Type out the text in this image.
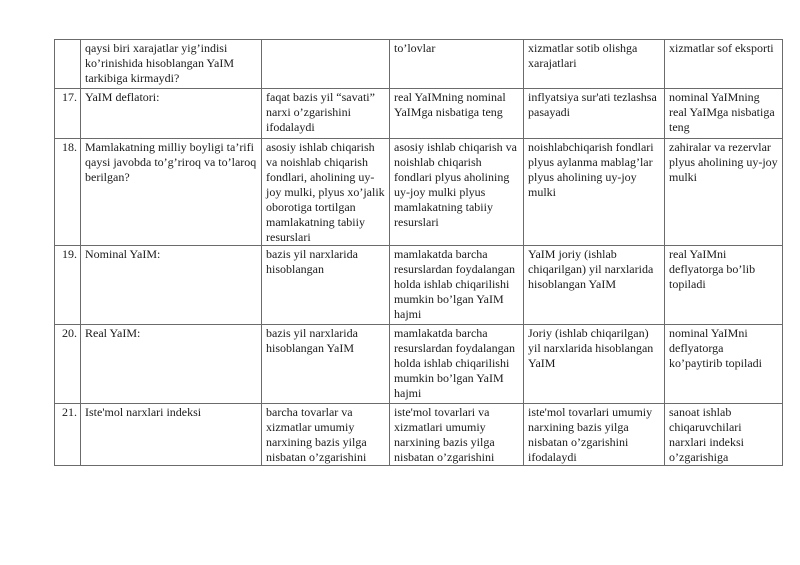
	qaysi biri xarajatlar yig’indisi ko’rinishida hisoblangan YaIM tarkibiga kirmaydi?		to’lovlar	xizmatlar sotib olishga xarajatlari	xizmatlar sof eksporti
17.	YaIM deflatori:	faqat bazis yil “savati” narxi o’zgarishini ifodalaydi	real YaIMning nominal YaIMga nisbatiga teng	inflyatsiya sur'ati tezlashsa pasayadi	nominal YaIMning real YaIMga nisbatiga teng
18.	Mamlakatning milliy boyligi ta’rifi qaysi javobda to’g’riroq va to’laroq berilgan?	asosiy ishlab chiqarish va noishlab chiqarish fondlari, aholining uy-joy mulki, plyus xo’jalik oborotiga tortilgan mamlakatning tabiiy resurslari	asosiy ishlab chiqarish va noishlab chiqarish fondlari plyus aholining uy-joy mulki plyus mamlakatning tabiiy resurslari	noishlabchiqarish fondlari plyus aylanma mablag’lar plyus aholining uy-joy mulki	zahiralar va rezervlar plyus aholining uy-joy mulki
19.	Nominal YaIM:	bazis yil narxlarida hisoblangan	mamlakatda barcha resurslardan foydalangan holda ishlab chiqarilishi mumkin bo’lgan YaIM hajmi	YaIM joriy (ishlab chiqarilgan) yil narxlarida hisoblangan YaIM	real YaIMni deflyatorga bo’lib topiladi
20.	Real YaIM:	bazis yil narxlarida hisoblangan YaIM	mamlakatda barcha resurslardan foydalangan holda ishlab chiqarilishi mumkin bo’lgan YaIM hajmi	Joriy (ishlab chiqarilgan) yil narxlarida hisoblangan YaIM	nominal YaIMni deflyatorga ko’paytirib topiladi
21.	Iste'mol narxlari indeksi	barcha tovarlar va xizmatlar umumiy narxining bazis yilga nisbatan o’zgarishini	iste'mol tovarlari va xizmatlari umumiy narxining bazis yilga nisbatan o’zgarishini	iste'mol tovarlari umumiy narxining bazis yilga nisbatan o’zgarishini ifodalaydi	sanoat ishlab chiqaruvchilari narxlari indeksi o’zgarishiga
